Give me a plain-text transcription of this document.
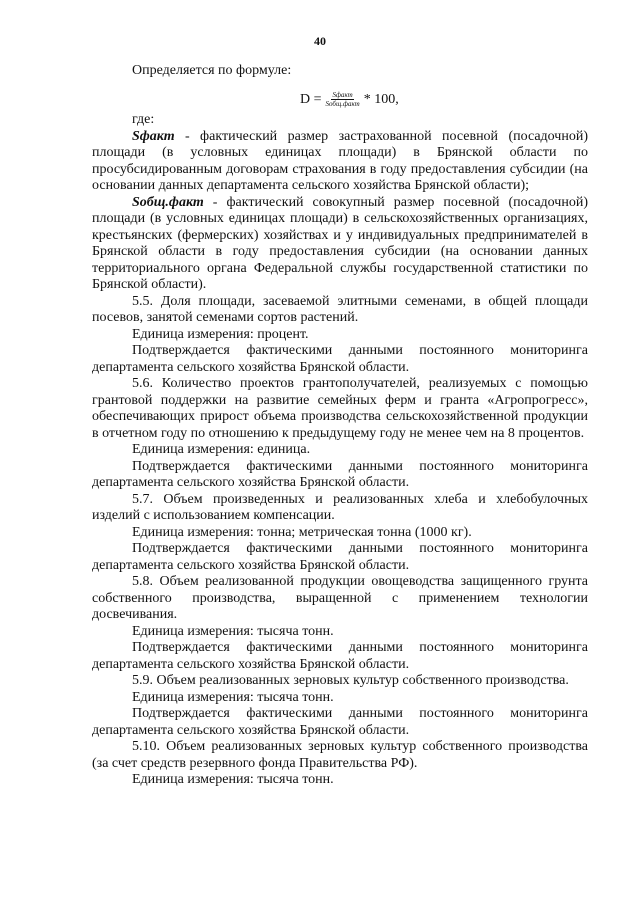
40
Определяется по формуле:
$D = \frac{\text{Sфакт}}{\text{Sобщ.факт}} * 100$,

где:

Sфакт - фактический размер застрахованной посевной (посадочной) площади (в условных единицах площади) в Брянской области по просубсидированным договорам страхования в году предоставления субсидии (на основании данных департамента сельского хозяйства Брянской области);

Sобщ.факт - фактический совокупный размер посевной (посадочной) площади (в условных единицах площади) в сельскохозяйственных организациях, крестьянских (фермерских) хозяйствах и у индивидуальных предпринимателей в Брянской области в году предоставления субсидии (на основании данных территориального органа Федеральной службы государственной статистики по Брянской области).

5.5. Доля площади, засеваемой элитными семенами, в общей площади посевов, занятой семенами сортов растений.

Единица измерения: процент.

Подтверждается фактическими данными постоянного мониторинга департамента сельского хозяйства Брянской области.

5.6. Количество проектов грантополучателей, реализуемых с помощью грантовой поддержки на развитие семейных ферм и гранта «Агропрогресс», обеспечивающих прирост объема производства сельскохозяйственной продукции в отчетном году по отношению к предыдущему году не менее чем на 8 процентов.

Единица измерения: единица.

Подтверждается фактическими данными постоянного мониторинга департамента сельского хозяйства Брянской области.

5.7. Объем произведенных и реализованных хлеба и хлебобулочных изделий с использованием компенсации.

Единица измерения: тонна; метрическая тонна (1000 кг).

Подтверждается фактическими данными постоянного мониторинга департамента сельского хозяйства Брянской области.

5.8. Объем реализованной продукции овощеводства защищенного грунта собственного производства, выращенной с применением технологии досвечивания.

Единица измерения: тысяча тонн.

Подтверждается фактическими данными постоянного мониторинга департамента сельского хозяйства Брянской области.

5.9. Объем реализованных зерновых культур собственного производства.

Единица измерения: тысяча тонн.

Подтверждается фактическими данными постоянного мониторинга департамента сельского хозяйства Брянской области.

5.10. Объем реализованных зерновых культур собственного производства (за счет средств резервного фонда Правительства РФ).

Единица измерения: тысяча тонн.
